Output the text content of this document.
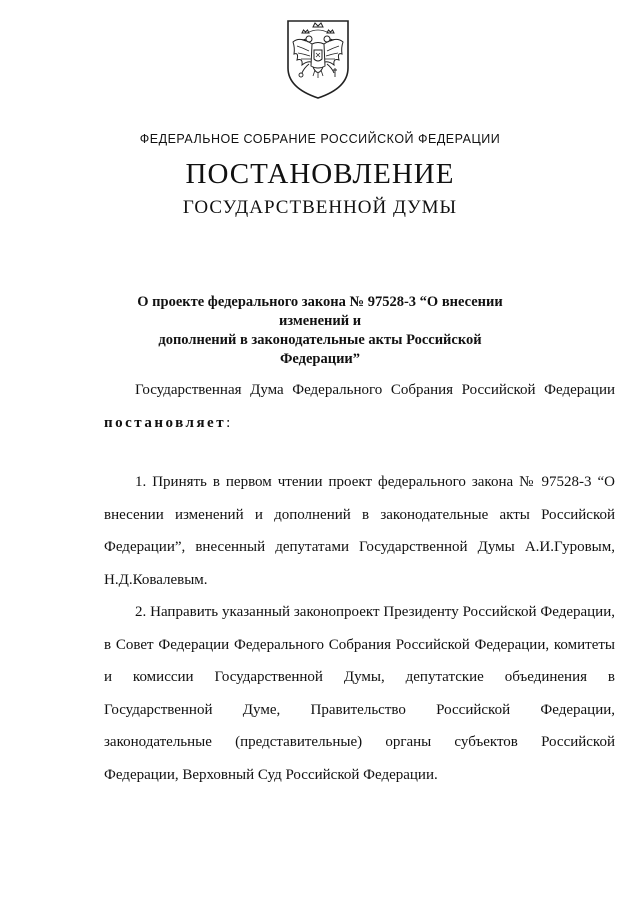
ФЕДЕРАЛЬНОЕ СОБРАНИЕ РОССИЙСКОЙ ФЕДЕРАЦИИ
ПОСТАНОВЛЕНИЕ
ГОСУДАРСТВЕННОЙ ДУМЫ
О проекте федерального закона № 97528-3 “О внесении изменений и
дополнений в законодательные акты Российской Федерации”
Государственная Дума Федерального Собрания Российской Федерации постановляет:
1. Принять в первом чтении проект федерального закона № 97528-3 “О внесении изменений и дополнений в законодательные акты Российской Федерации”, внесенный депутатами Государственной Думы А.И.Гуровым, Н.Д.Ковалевым.
2. Направить указанный законопроект Президенту Российской Федерации, в Совет Федерации Федерального Собрания Российской Федерации, комитеты и комиссии Государственной Думы, депутатские объединения в Государственной Думе, Правительство Российской Федерации, законодательные (представительные) органы субъектов Российской Федерации, Верховный Суд Российской Федерации.
